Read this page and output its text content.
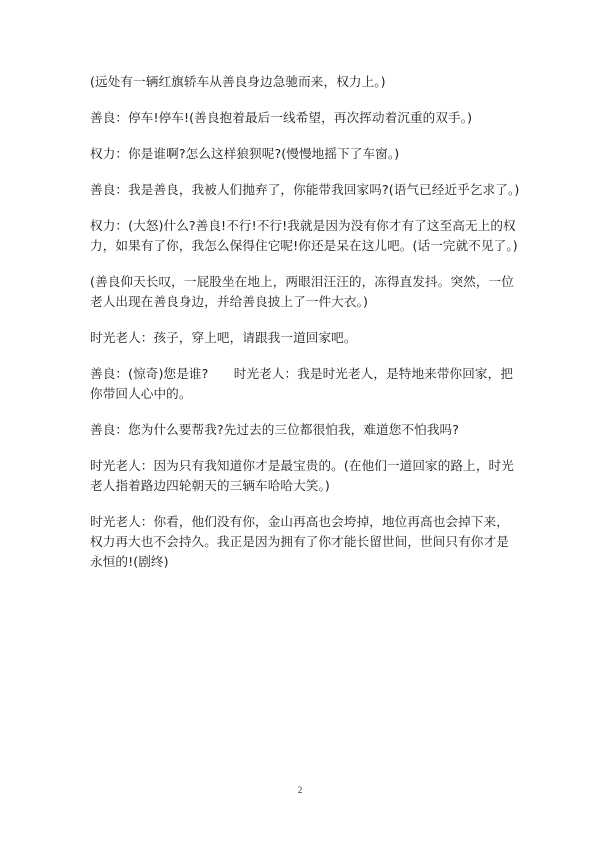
(远处有一辆红旗轿车从善良身边急驰而来，权力上。)

善良：停车!停车!(善良抱着最后一线希望，再次挥动着沉重的双手。)

权力：你是谁啊?怎么这样狼狈呢?(慢慢地摇下了车窗。)

善良：我是善良，我被人们抛弃了，你能带我回家吗?(语气已经近乎乞求了。)

权力：(大怒)什么?善良!不行!不行!我就是因为没有你才有了这至高无上的权力，如果有了你，我怎么保得住它呢!你还是呆在这儿吧。(话一完就不见了。)

(善良仰天长叹，一屁股坐在地上，两眼泪汪汪的，冻得直发抖。突然，一位老人出现在善良身边，并给善良披上了一件大衣。)

时光老人：孩子，穿上吧，请跟我一道回家吧。

善良：(惊奇)您是谁?　　时光老人：我是时光老人，是特地来带你回家，把你带回人心中的。

善良：您为什么要帮我?先过去的三位都很怕我，难道您不怕我吗?

时光老人：因为只有我知道你才是最宝贵的。(在他们一道回家的路上，时光老人指着路边四轮朝天的三辆车哈哈大笑。)

时光老人：你看，他们没有你，金山再高也会垮掉，地位再高也会掉下来，权力再大也不会持久。我正是因为拥有了你才能长留世间，世间只有你才是永恒的!(剧终)

2
